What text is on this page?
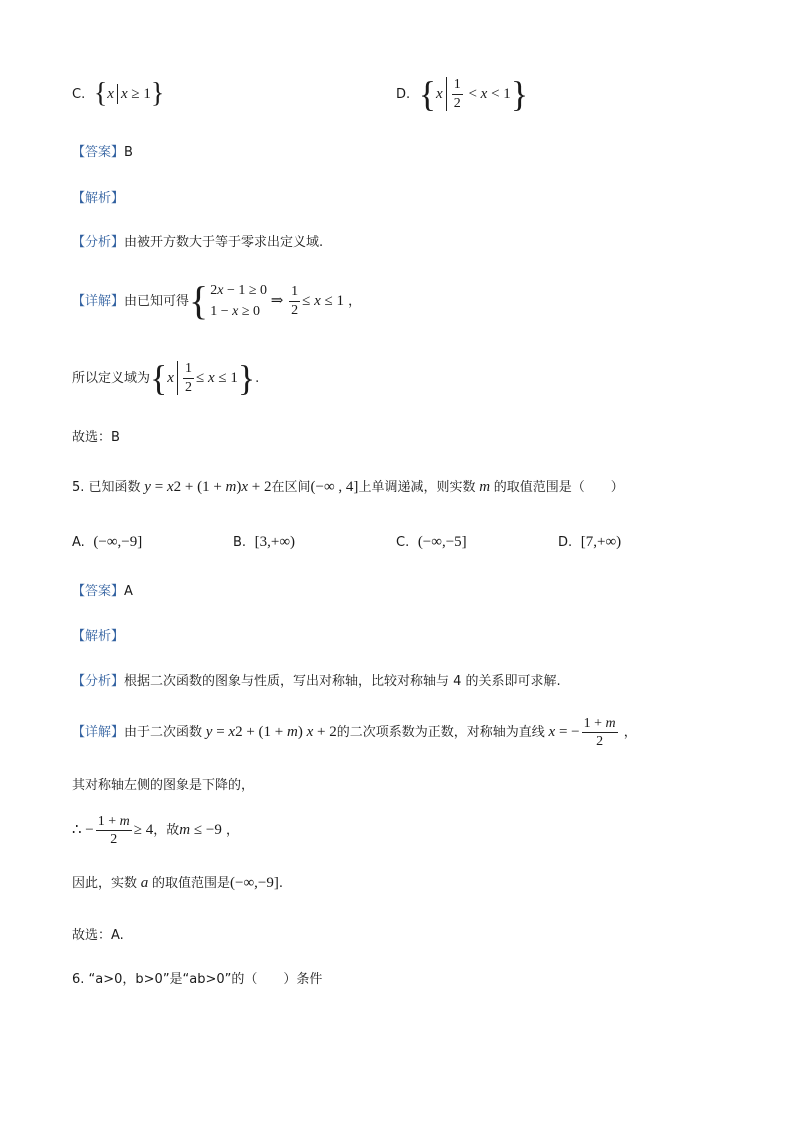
C.
{ x x ≥ 1 }	D.
{ x $\frac{1}{2} < x < 1$ }
【答案】 B
【解析】
【分析】 由被开方数大于等于零求出定义域.
【详解】 由已知可得 { 2x − 1 ≥ 0
1 − x ≥ 0
⇒ $\frac{1}{2} \le x \le 1$ ，
所以定义域为 { x $\frac{1}{2} \le x \le 1$ } .
故选：B
5. 已知函数 y = x 2 + (1 + m ) x + 2 在区间 (−∞ , 4] 上单调递减，则实数 m 的取值范围是（　　）
A.
(−∞,−9]	B.
[3,+∞)	C.
(−∞,−5]	D.
[7,+∞)
【答案】 A
【解析】
【分析】 根据二次函数的图象与性质，写出对称轴，比较对称轴与 4 的关系即可求解.
【详解】 由于二次函数 y = x 2 + (1 + m ) x + 2 的二次项系数为正数，对称轴为直线 x = − $\frac{1 + m}{2}$ ，
其对称轴左侧的图象是下降的，
∴ − $\frac{1 + m}{2} \ge 4$ ，故 m ≤ −9 ，
因此，实数 a 的取值范围是 (−∞,−9] .
故选：A.
6. “a>0，b>0”是“ab>0”的（　　）条件
